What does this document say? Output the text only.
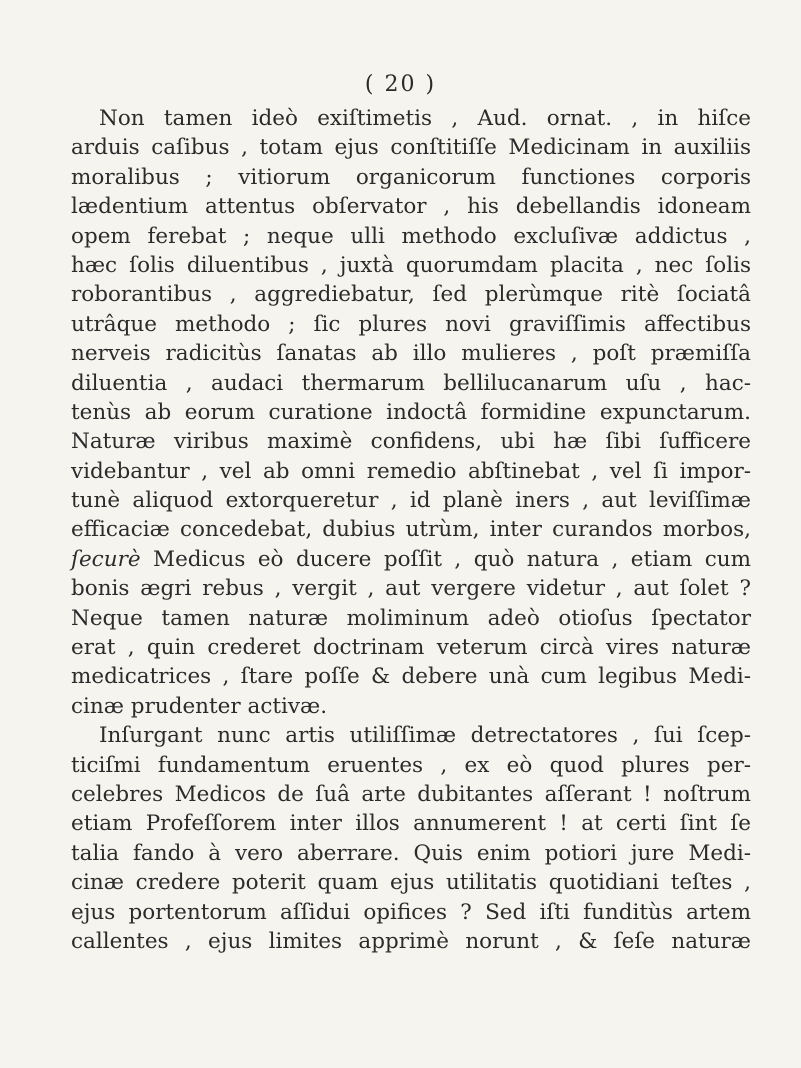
( 20 )
Non tamen ideò exiſtimetis , Aud. ornat. , in hiſce
arduis caſibus , totam ejus conſtitiſſe Medicinam in auxiliis
moralibus ; vitiorum organicorum functiones corporis
lædentium attentus obſervator , his debellandis idoneam
opem ferebat ; neque ulli methodo excluſivæ addictus ,
hæc ſolis diluentibus , juxtà quorumdam placita , nec ſolis
roborantibus , aggrediebatur, ſed plerùmque ritè ſociatâ
utrâque methodo ; ſic plures novi graviſſimis affectibus
nerveis radicitùs ſanatas ab illo mulieres , poſt præmiſſa
diluentia , audaci thermarum bellilucanarum uſu , hac-
tenùs ab eorum curatione indoctâ formidine expunctarum.
Naturæ viribus maximè confidens, ubi hæ ſibi ſufficere
videbantur , vel ab omni remedio abſtinebat , vel ſi impor-
tunè aliquod extorqueretur , id planè iners , aut leviſſimæ
efficaciæ concedebat, dubius utrùm, inter curandos morbos,
ſecurè Medicus eò ducere poſſit , quò natura , etiam cum
bonis ægri rebus , vergit , aut vergere videtur , aut ſolet ?
Neque tamen naturæ moliminum adeò otioſus ſpectator
erat , quin crederet doctrinam veterum circà vires naturæ
medicatrices , ſtare poſſe & debere unà cum legibus Medi-
cinæ prudenter activæ.
Inſurgant nunc artis utiliſſimæ detrectatores , ſui ſcep-
ticiſmi fundamentum eruentes , ex eò quod plures per-
celebres Medicos de ſuâ arte dubitantes aſſerant ! noſtrum
etiam Profeſſorem inter illos annumerent ! at certi ſint ſe
talia fando à vero aberrare. Quis enim potiori jure Medi-
cinæ credere poterit quam ejus utilitatis quotidiani teſtes ,
ejus portentorum aſſidui opifices ? Sed iſti funditùs artem
callentes , ejus limites apprimè norunt , & ſeſe naturæ
